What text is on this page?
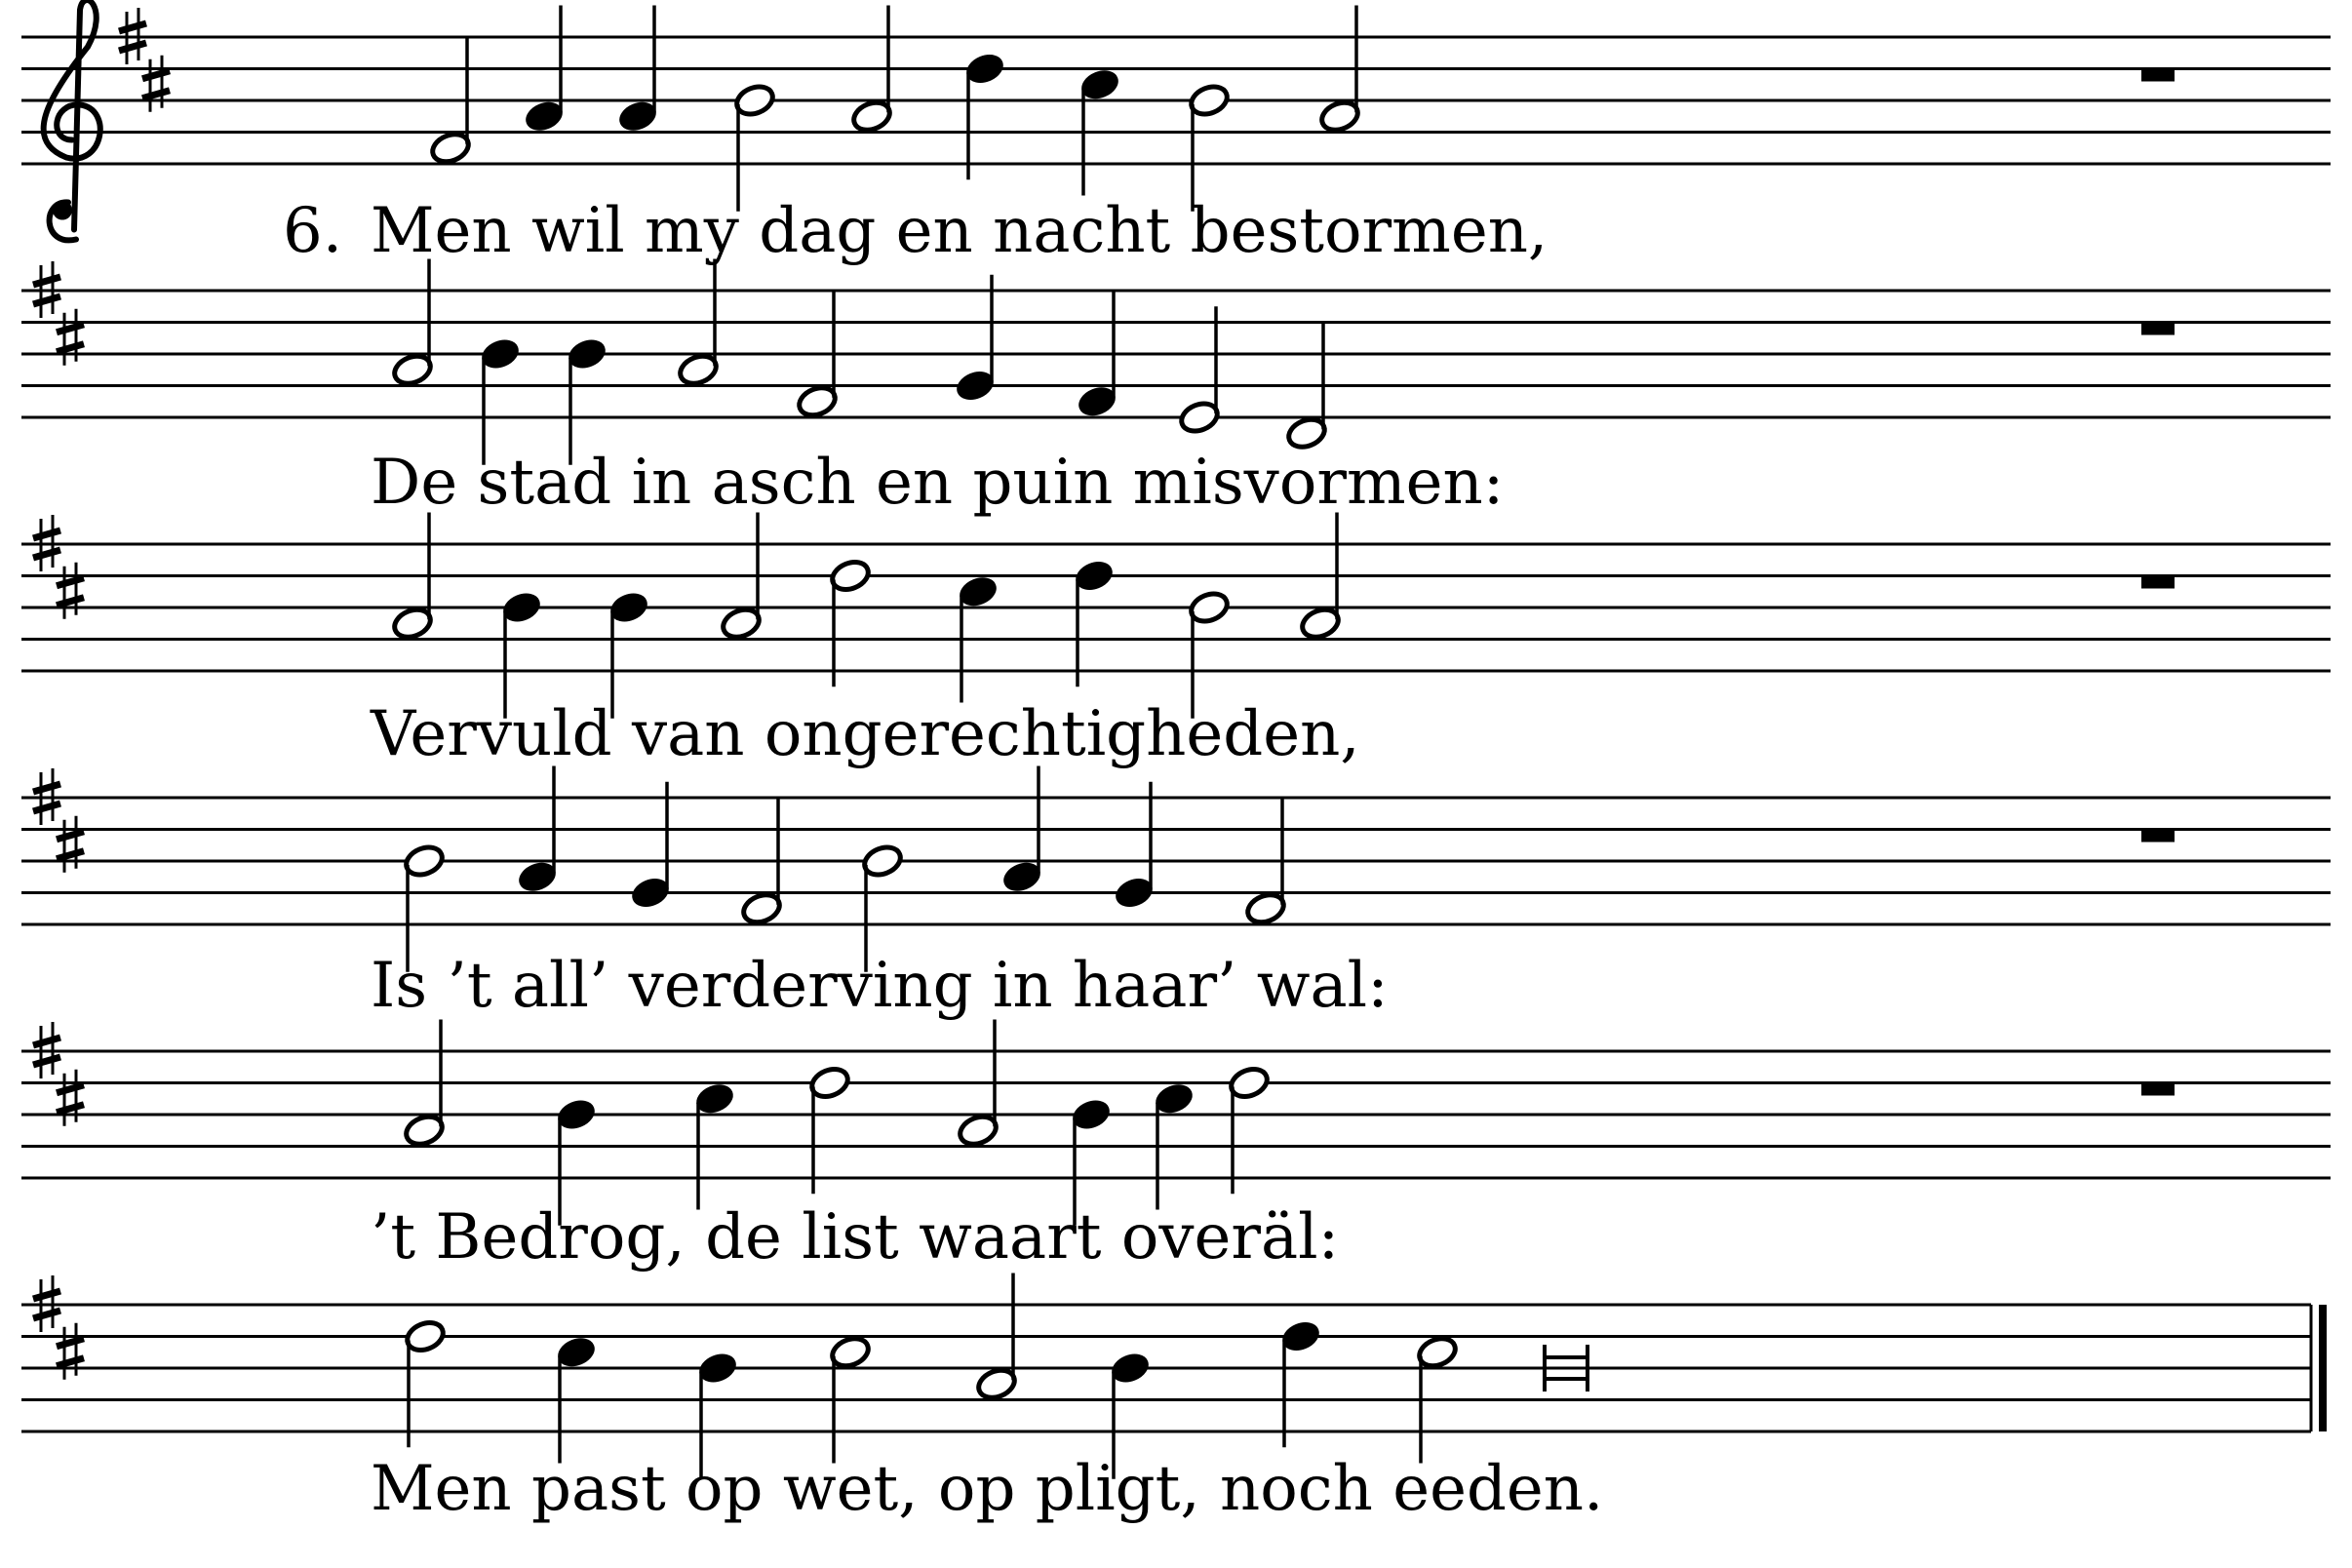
6. Men wil my dag en nacht bestormen,
De stad in asch en puin misvormen:
Vervuld van ongerechtigheden,
Is ’t all’ verderving in haar’ wal:
’t Bedrog, de list waart overäl:
Men past op wet, op pligt, noch eeden.
